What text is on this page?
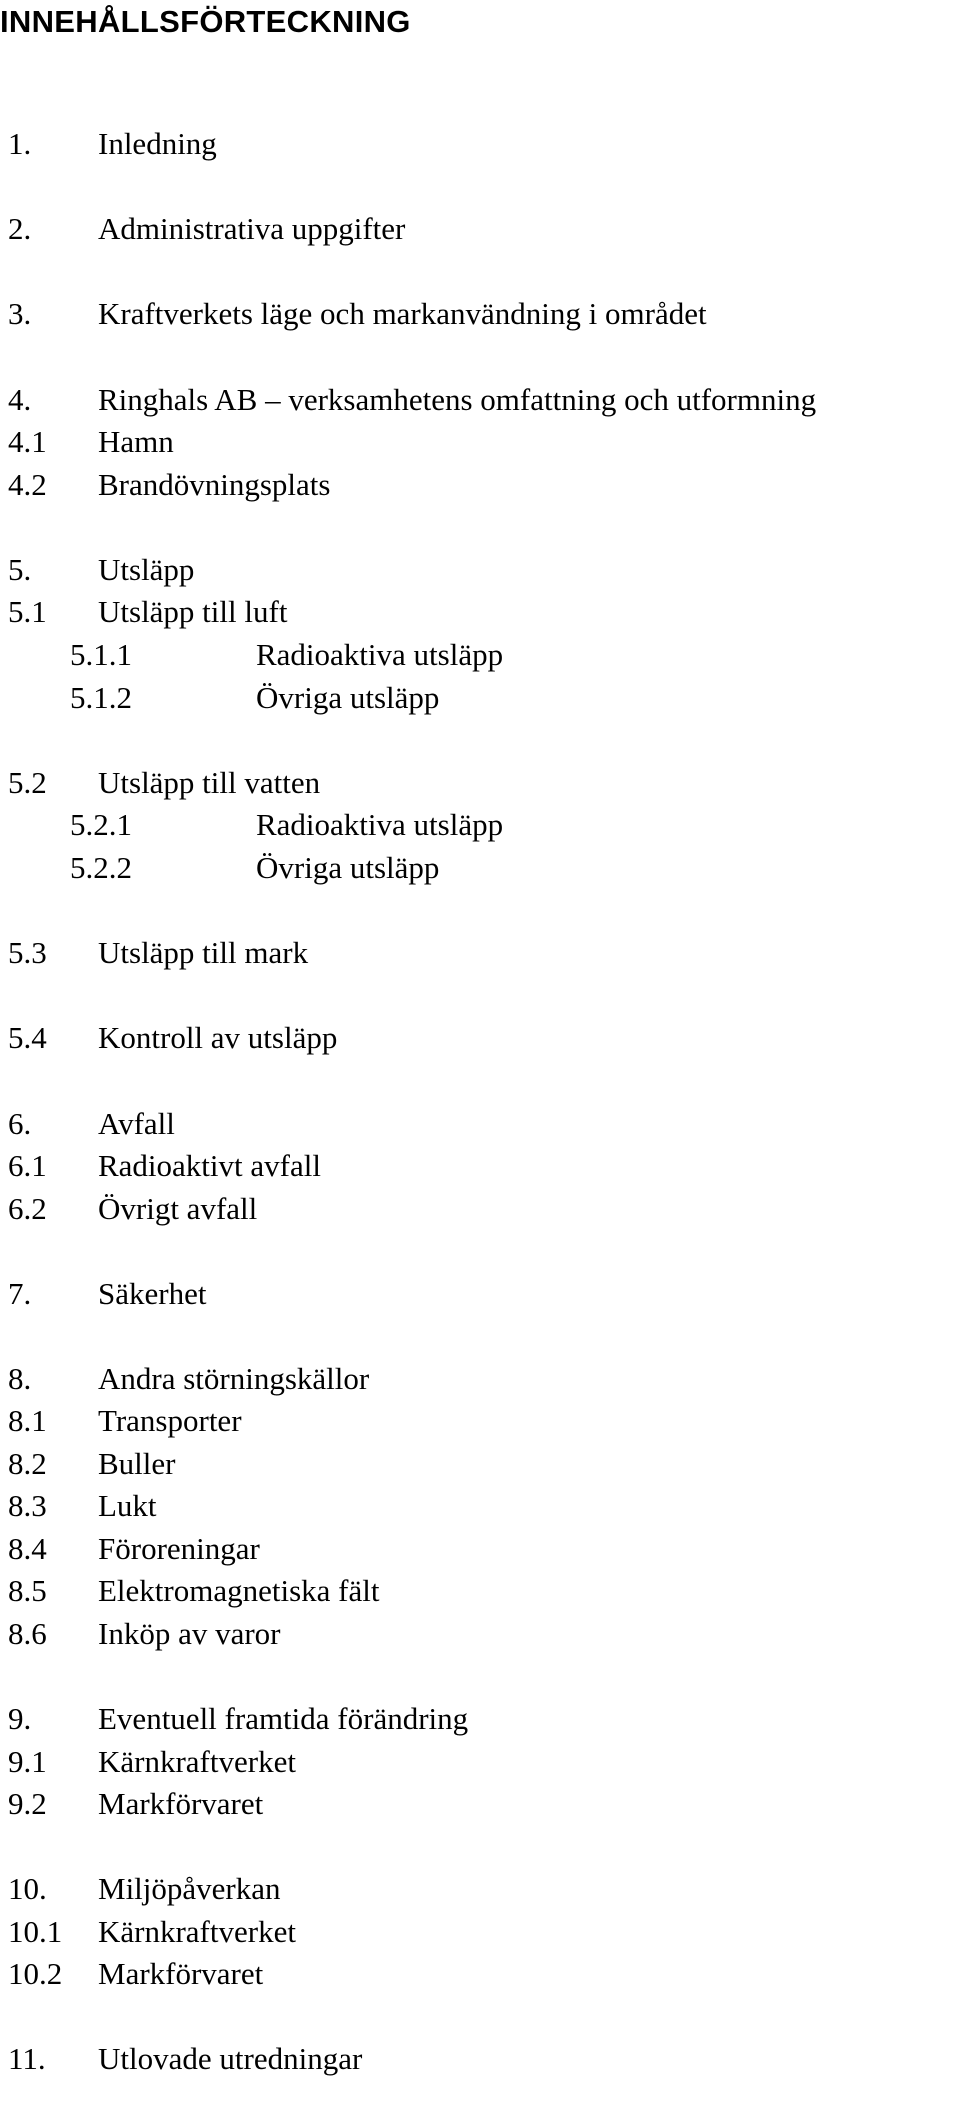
INNEHÅLLSFÖRTECKNING
1. Inledning
2. Administrativa uppgifter
3. Kraftverkets läge och markanvändning i området
4. Ringhals AB – verksamhetens omfattning och utformning
4.1 Hamn
4.2 Brandövningsplats
5. Utsläpp
5.1 Utsläpp till luft
5.1.1	Radioaktiva utsläpp
5.1.2	Övriga utsläpp
5.2 Utsläpp till vatten
5.2.1	Radioaktiva utsläpp
5.2.2	Övriga utsläpp
5.3 Utsläpp till mark
5.4 Kontroll av utsläpp
6. Avfall
6.1 Radioaktivt avfall
6.2 Övrigt avfall
7. Säkerhet
8. Andra störningskällor
8.1 Transporter
8.2 Buller
8.3 Lukt
8.4 Föroreningar
8.5 Elektromagnetiska fält
8.6 Inköp av varor
9. Eventuell framtida förändring
9.1 Kärnkraftverket
9.2 Markförvaret
10. Miljöpåverkan
10.1 Kärnkraftverket
10.2 Markförvaret
11. Utlovade utredningar
